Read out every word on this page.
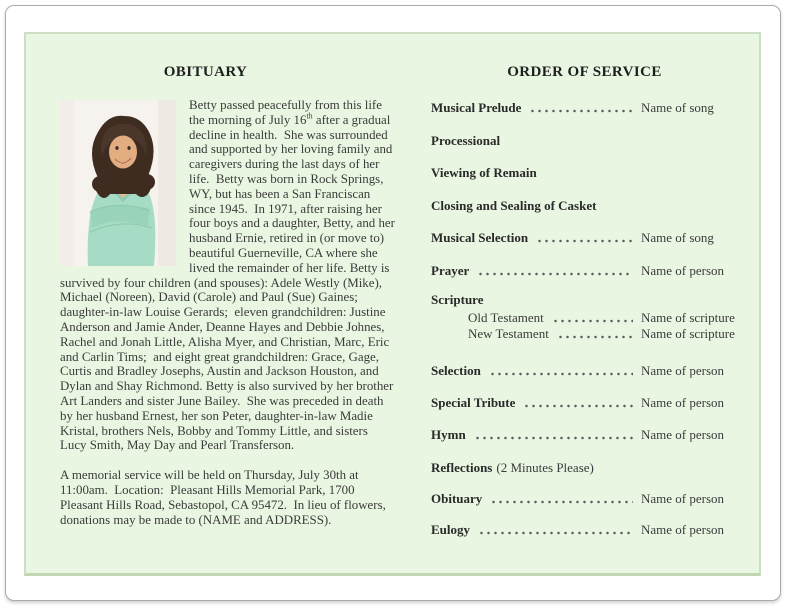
OBITUARY

Betty passed peacefully from this life the morning of July 16th after a gradual decline in health.  She was surrounded and supported by her loving family and caregivers during the last days of her life.  Betty was born in Rock Springs, WY, but has been a San Franciscan since 1945.  In 1971, after raising her four boys and a daughter, Betty, and her husband Ernie, retired in (or move to) beautiful Guerneville, CA where she lived the remainder of her life. Betty is survived by four children (and spouses): Adele Westly (Mike), Michael (Noreen), David (Carole) and Paul (Sue) Gaines;  daughter-in-law Louise Gerards;  eleven grandchildren: Justine Anderson and Jamie Ander, Deanne Hayes and Debbie Johnes, Rachel and Jonah Little, Alisha Myer, and Christian, Marc, Eric and Carlin Tims;  and eight great grandchildren: Grace, Gage, Curtis and Bradley Josephs, Austin and Jackson Houston, and Dylan and Shay Richmond. Betty is also survived by her brother Art Landers and sister June Bailey.  She was preceded in death by her husband Ernest, her son Peter, daughter-in-law Madie Kristal, brothers Nels, Bobby and Tommy Little, and sisters Lucy Smith, May Day and Pearl Transferson.

A memorial service will be held on Thursday, July 30th at 11:00am.  Location:  Pleasant Hills Memorial Park, 1700 Pleasant Hills Road, Sebastopol, CA 95472.  In lieu of flowers, donations may be made to (NAME and ADDRESS).

ORDER OF SERVICE
Musical Prelude	Name of song
Processional
Viewing of Remain
Closing and Sealing of Casket
Musical Selection	Name of song
Prayer	Name of person
Scripture
Old Testament	Name of scripture
New Testament	Name of scripture
Selection	Name of person
Special Tribute	Name of person
Hymn	Name of person
Reflections (2 Minutes Please)
Obituary	Name of person
Eulogy	Name of person
